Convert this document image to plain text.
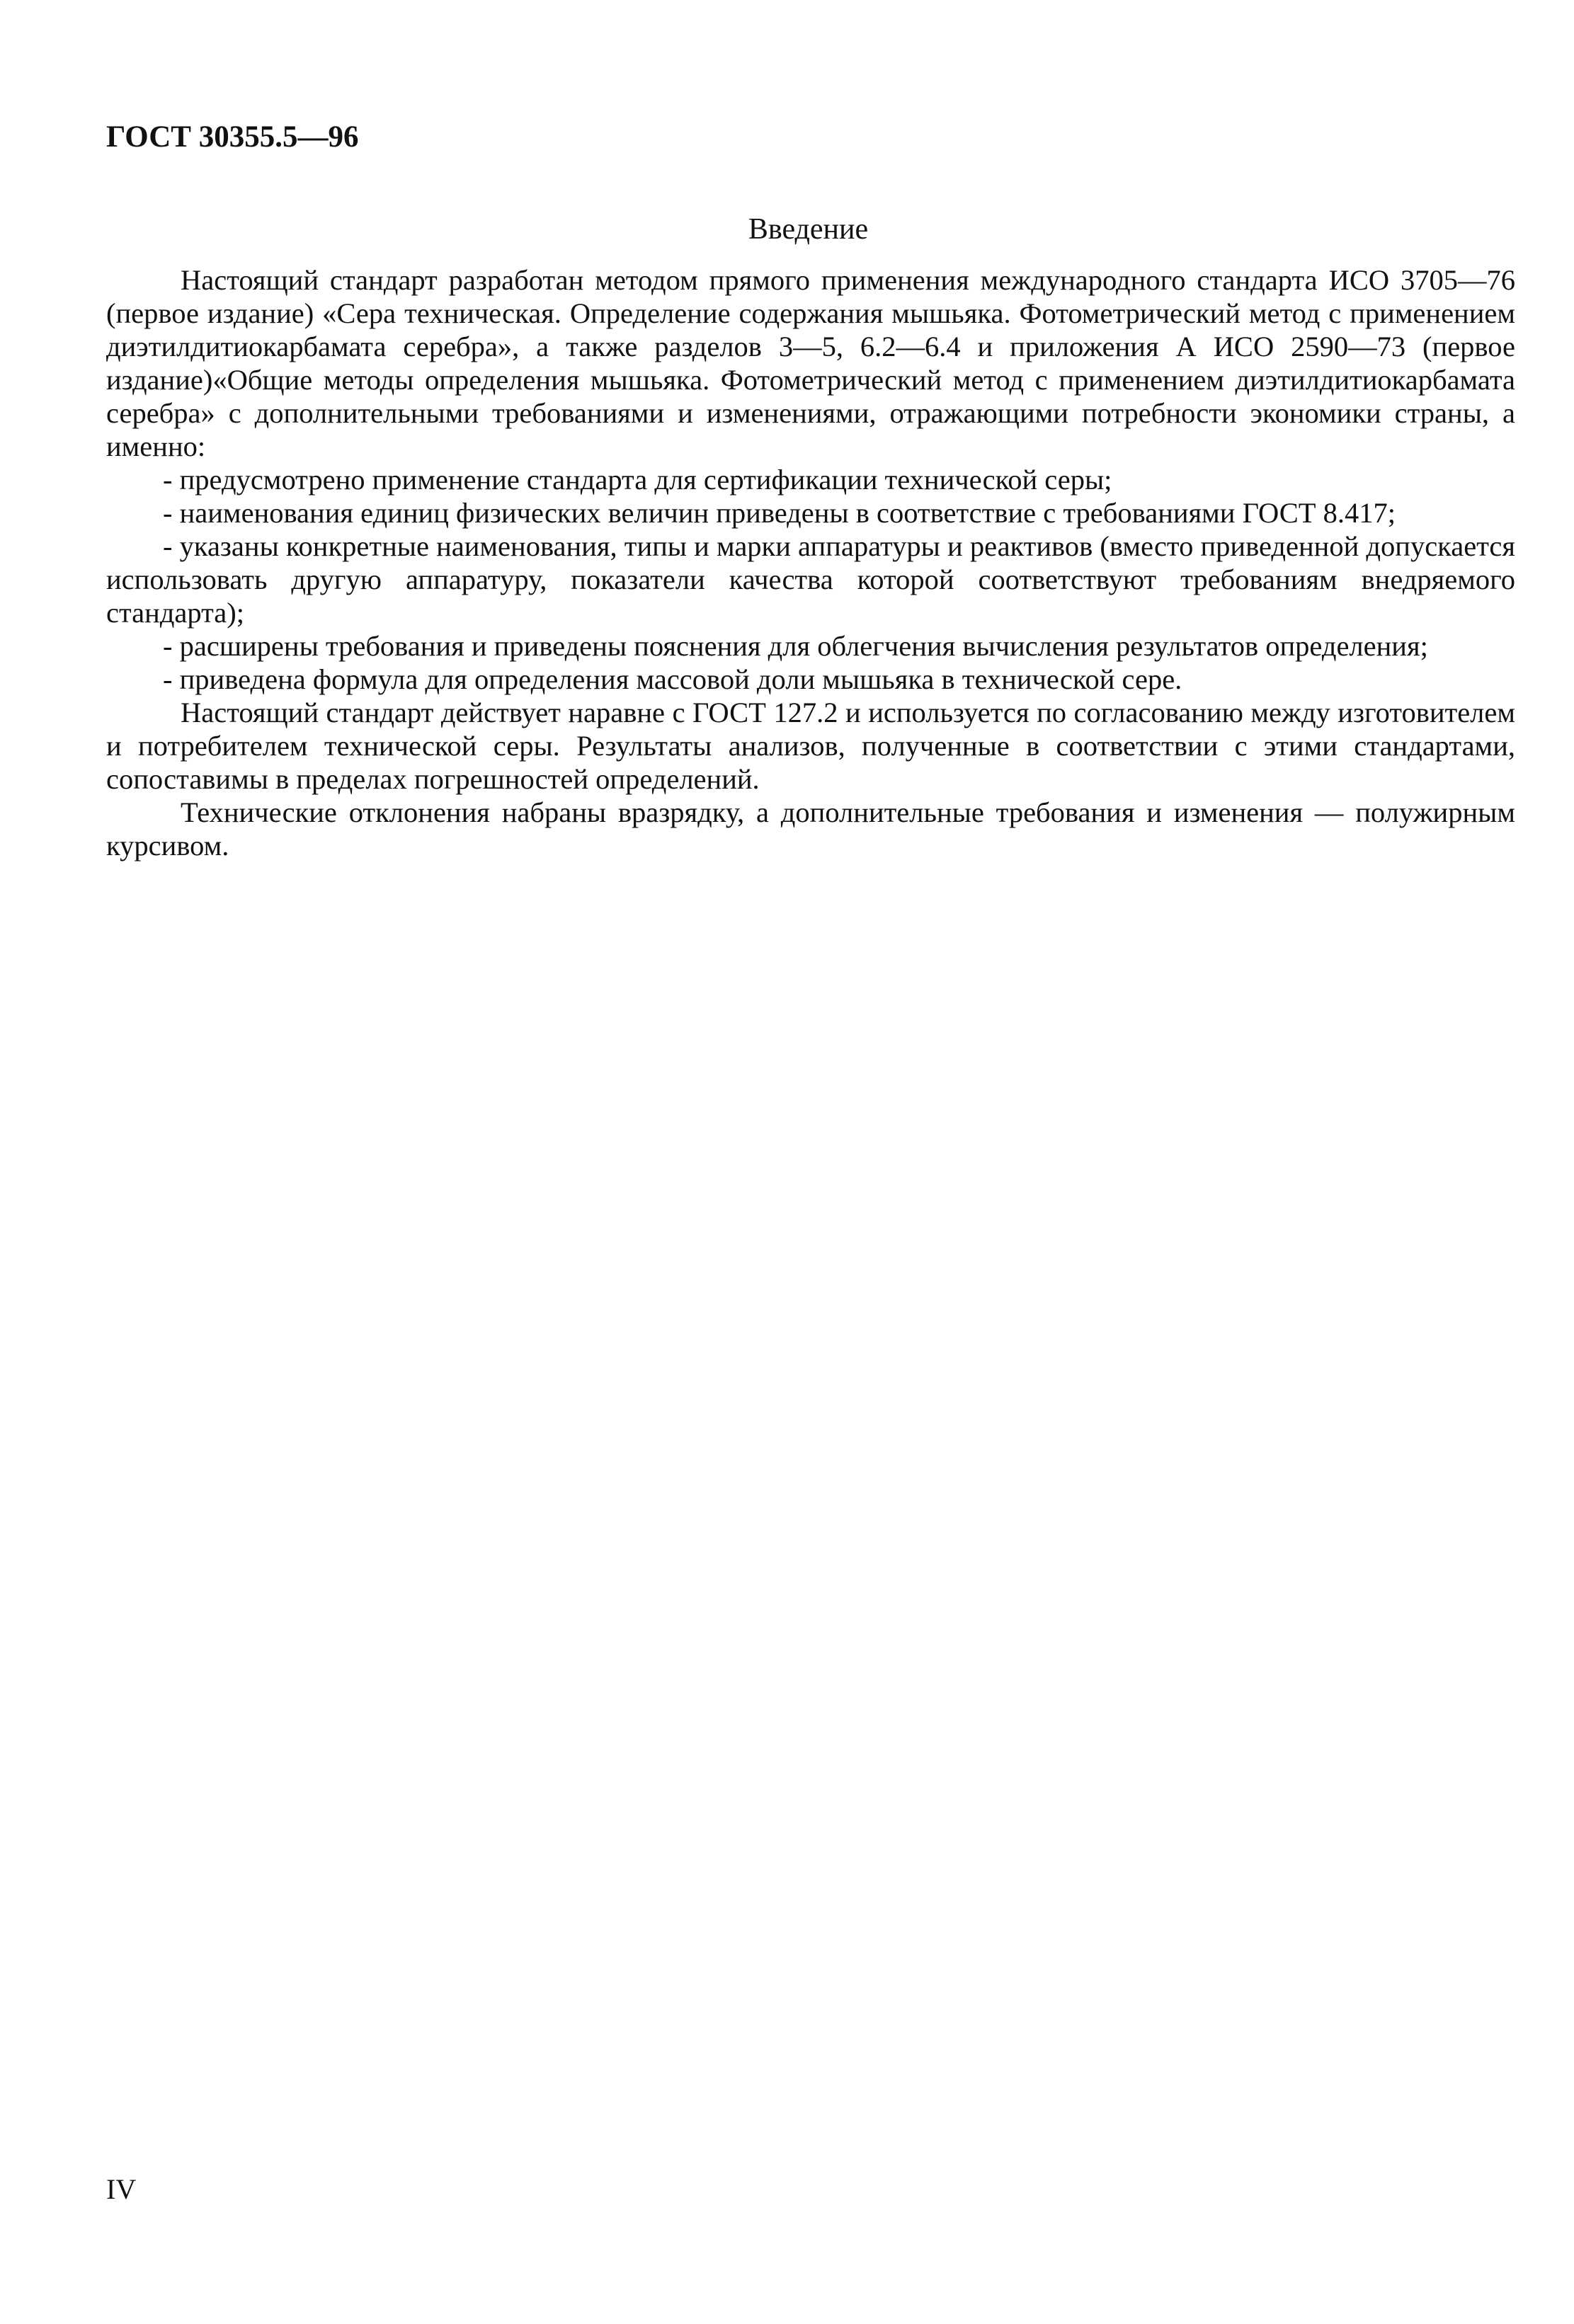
ГОСТ 30355.5—96
Введение

Настоящий стандарт разработан методом прямого применения международного стандарта ИСО 3705—76 (первое издание) «Сера техническая. Определение содержания мышьяка. Фотометрический метод с применением диэтилдитиокарбамата серебра», а также разделов 3—5, 6.2—6.4 и приложения А ИСО 2590—73 (первое издание)«Общие методы определения мышьяка. Фотометрический метод с применением диэтилдитиокарбамата серебра» с дополнительными требованиями и изменениями, отражающими потребности экономики страны, а именно:

- предусмотрено применение стандарта для сертификации технической серы;

- наименования единиц физических величин приведены в соответствие с требованиями ГОСТ 8.417;

- указаны конкретные наименования, типы и марки аппаратуры и реактивов (вместо приведенной допускается использовать другую аппаратуру, показатели качества которой соответствуют требованиям внедряемого стандарта);

- расширены требования и приведены пояснения для облегчения вычисления результатов определения;

- приведена формула для определения массовой доли мышьяка в технической сере.

Настоящий стандарт действует наравне с ГОСТ 127.2 и используется по согласованию между изготовителем и потребителем технической серы. Результаты анализов, полученные в соответствии с этими стандартами, сопоставимы в пределах погрешностей определений.

Технические отклонения набраны вразрядку, а дополнительные требования и изменения — полужирным курсивом.

IV
